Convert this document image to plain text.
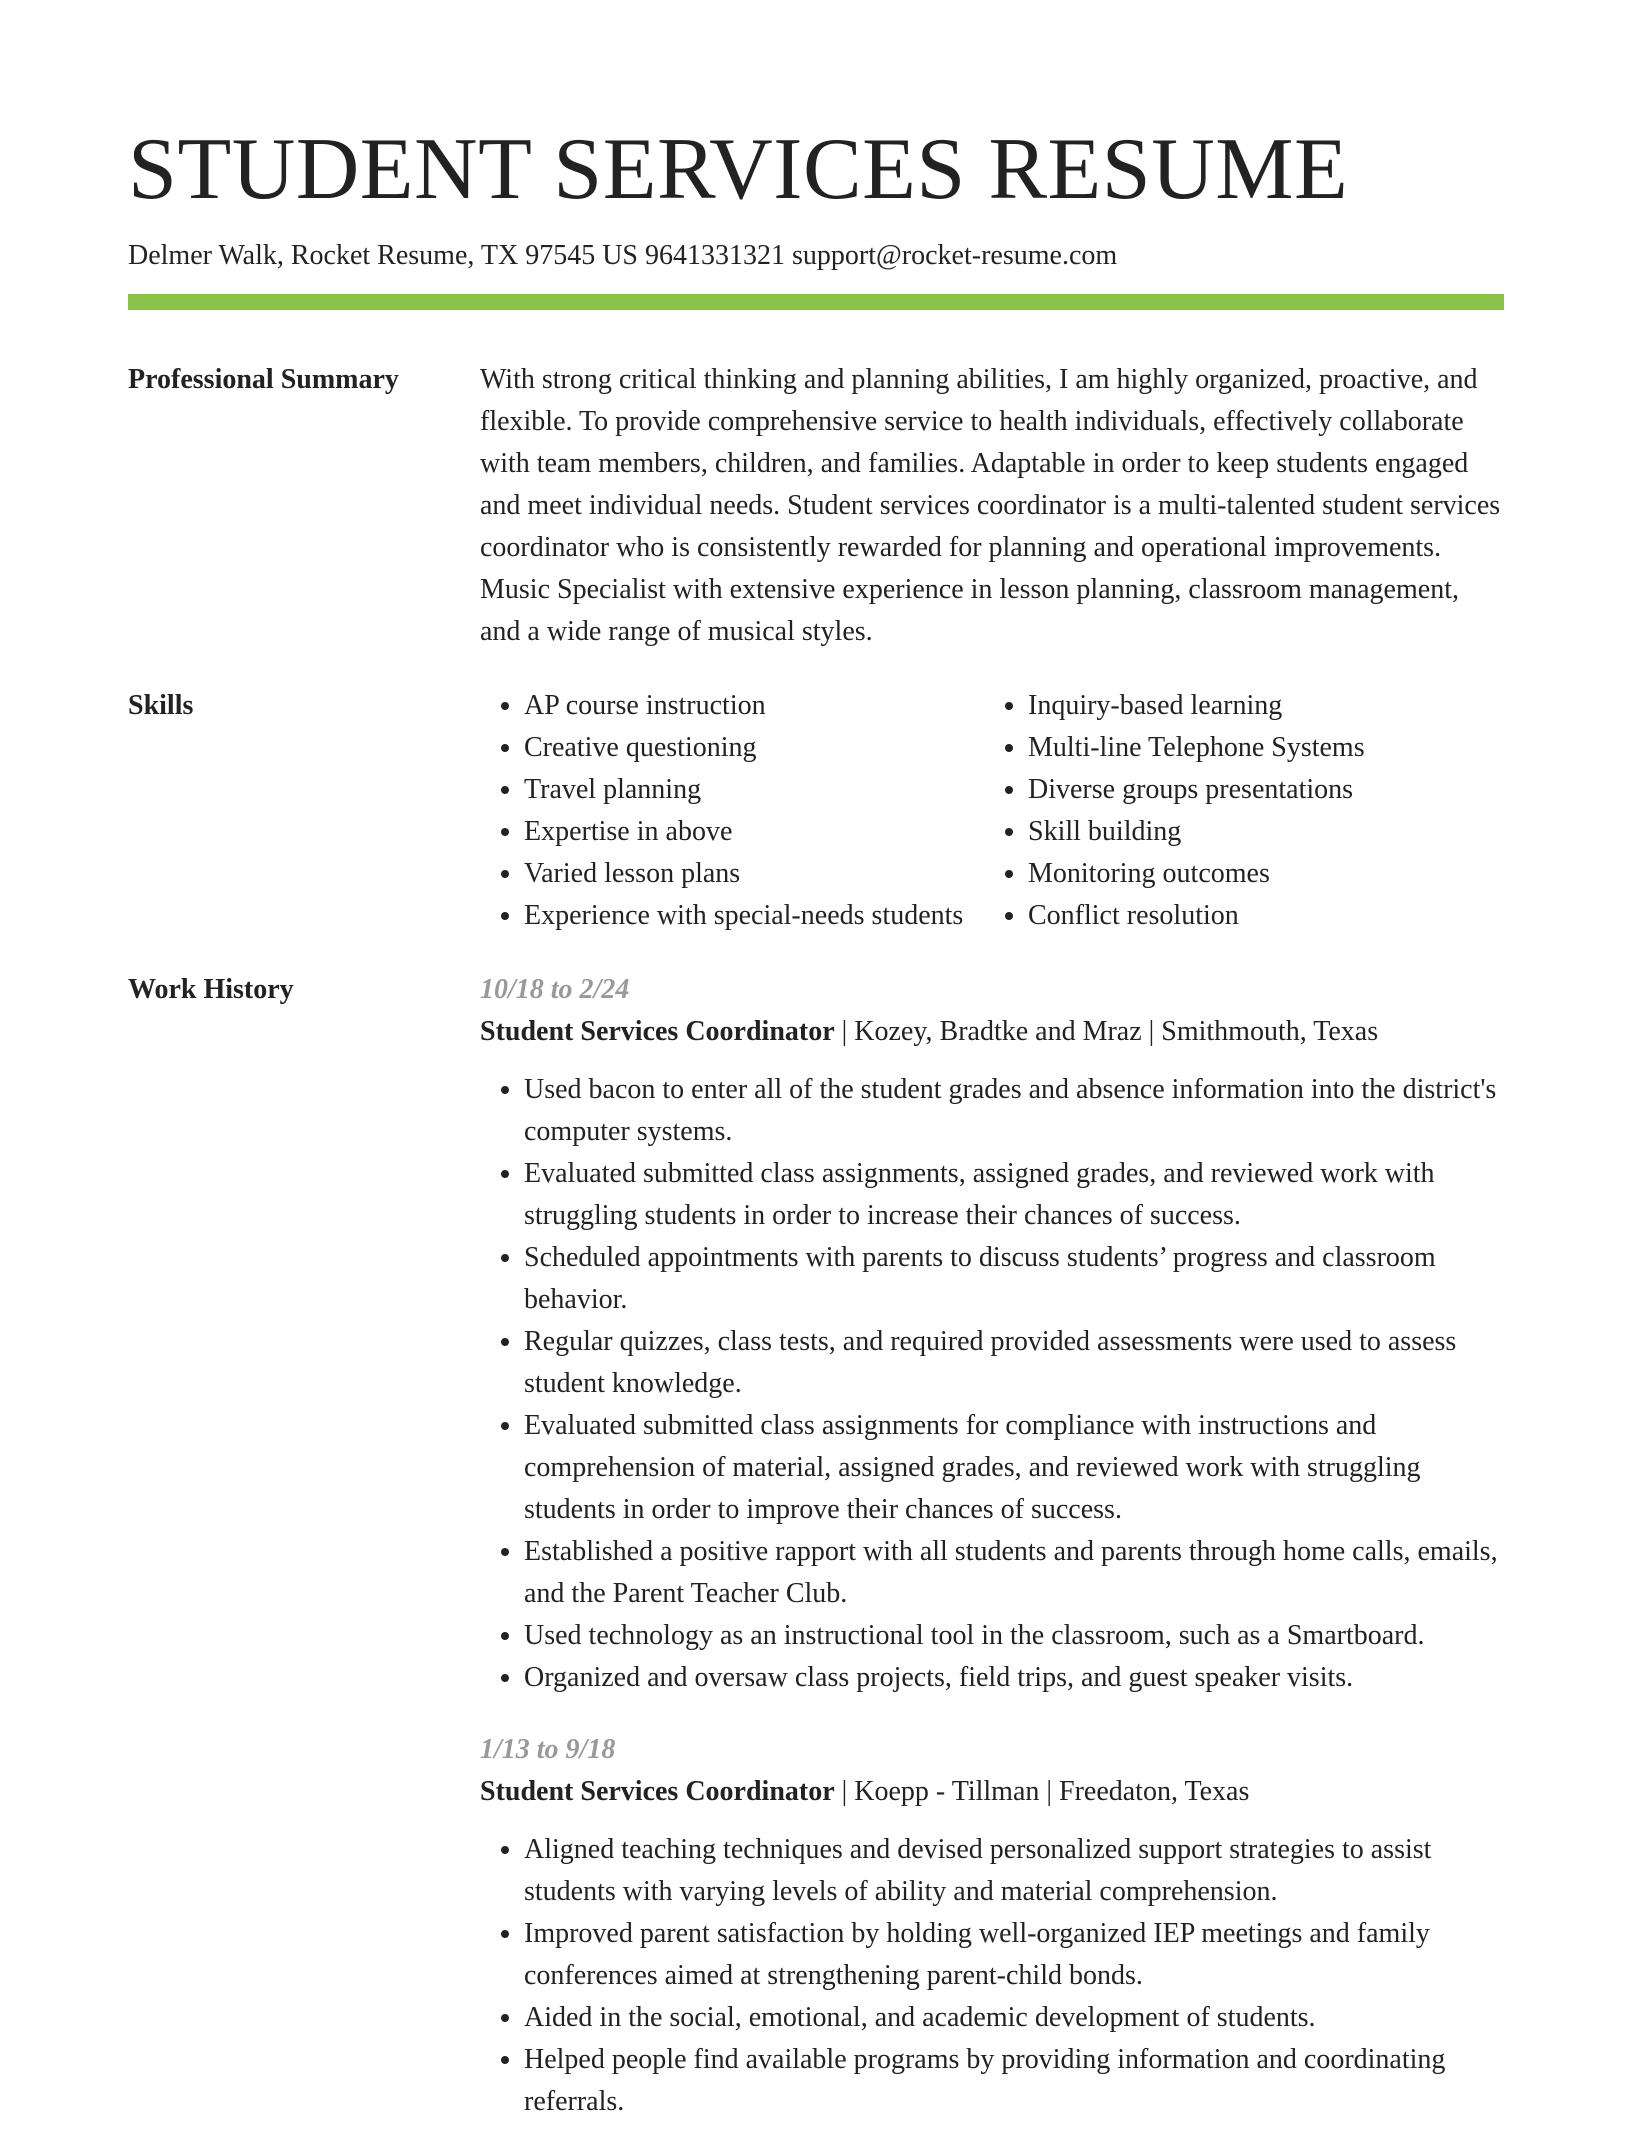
STUDENT SERVICES RESUME
Delmer Walk, Rocket Resume, TX 97545 US 9641331321 support@rocket-resume.com
Professional Summary	With strong critical thinking and planning abilities, I am highly organized, proactive, and flexible. To provide comprehensive service to health individuals, effectively collaborate with team members, children, and families. Adaptable in order to keep students engaged and meet individual needs. Student services coordinator is a multi-talented student services coordinator who is consistently rewarded for planning and operational improvements. Music Specialist with extensive experience in lesson planning, classroom management, and a wide range of musical styles.

Skills
•	AP course instruction
• Creative questioning
• Travel planning
• Expertise in above
• Varied lesson plans
• Experience with special-needs students
• Inquiry-based learning
• Multi-line Telephone Systems
• Diverse groups presentations
• Skill building
• Monitoring outcomes
• Conflict resolution
Work History	10/18 to 2/24
Student Services Coordinator | Kozey, Bradtke and Mraz | Smithmouth, Texas
• Used bacon to enter all of the student grades and absence information into the district's computer systems.
• Evaluated submitted class assignments, assigned grades, and reviewed work with struggling students in order to increase their chances of success.
• Scheduled appointments with parents to discuss students’ progress and classroom behavior.
• Regular quizzes, class tests, and required provided assessments were used to assess student knowledge.
• Evaluated submitted class assignments for compliance with instructions and comprehension of material, assigned grades, and reviewed work with struggling students in order to improve their chances of success.
• Established a positive rapport with all students and parents through home calls, emails, and the Parent Teacher Club.
• Used technology as an instructional tool in the classroom, such as a Smartboard.
• Organized and oversaw class projects, field trips, and guest speaker visits.
1/13 to 9/18
Student Services Coordinator | Koepp - Tillman | Freedaton, Texas
• Aligned teaching techniques and devised personalized support strategies to assist students with varying levels of ability and material comprehension.
• Improved parent satisfaction by holding well-organized IEP meetings and family conferences aimed at strengthening parent-child bonds.
• Aided in the social, emotional, and academic development of students.
• Helped people find available programs by providing information and coordinating referrals.
